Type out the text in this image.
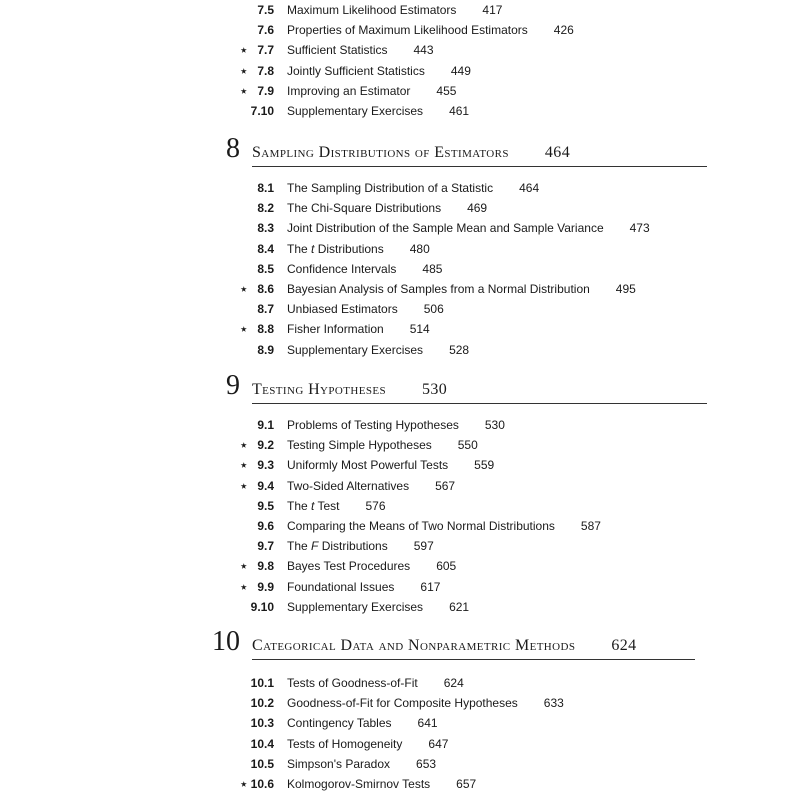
7.5 Maximum Likelihood Estimators 417
7.6 Properties of Maximum Likelihood Estimators 426
⋆ 7.7 Sufficient Statistics 443
⋆ 7.8 Jointly Sufficient Statistics 449
⋆ 7.9 Improving an Estimator 455
7.10 Supplementary Exercises 461
8 Sampling Distributions of Estimators 464
8.1 The Sampling Distribution of a Statistic 464
8.2 The Chi-Square Distributions 469
8.3 Joint Distribution of the Sample Mean and Sample Variance 473
8.4 The t Distributions 480
8.5 Confidence Intervals 485
⋆ 8.6 Bayesian Analysis of Samples from a Normal Distribution 495
8.7 Unbiased Estimators 506
⋆ 8.8 Fisher Information 514
8.9 Supplementary Exercises 528
9 Testing Hypotheses 530
9.1 Problems of Testing Hypotheses 530
⋆ 9.2 Testing Simple Hypotheses 550
⋆ 9.3 Uniformly Most Powerful Tests 559
⋆ 9.4 Two-Sided Alternatives 567
9.5 The t Test 576
9.6 Comparing the Means of Two Normal Distributions 587
9.7 The F Distributions 597
⋆ 9.8 Bayes Test Procedures 605
⋆ 9.9 Foundational Issues 617
9.10 Supplementary Exercises 621
10 Categorical Data and Nonparametric Methods 624
10.1 Tests of Goodness-of-Fit 624
10.2 Goodness-of-Fit for Composite Hypotheses 633
10.3 Contingency Tables 641
10.4 Tests of Homogeneity 647
10.5 Simpson's Paradox 653
⋆ 10.6 Kolmogorov-Smirnov Tests 657
